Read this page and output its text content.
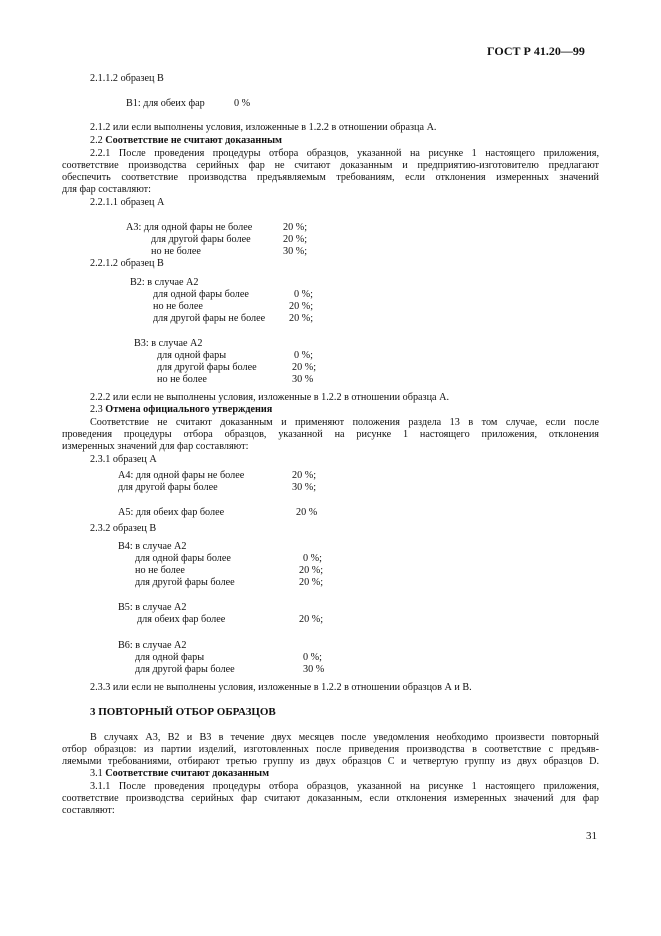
ГОСТ Р 41.20—99
2.1.1.2 образец В
В1: для обеих фар	0 %
2.1.2 или если выполнены условия, изложенные в 1.2.2 в отношении образца А.
2.2 Соответствие не считают доказанным
2.2.1 После проведения процедуры отбора образцов, указанной на рисунке 1 настоящего приложения,
соответствие производства серийных фар не считают доказанным и предприятию-изготовителю предлагают
обеспечить соответствие производства предъявляемым требованиям, если отклонения измеренных значений
для фар составляют:
2.2.1.1 образец А
А3: для одной фары не более	20 %;
для другой фары более	20 %;
но не более	30 %;
2.2.1.2 образец В
В2: в случае А2
для одной фары более	0 %;
но не более	20 %;
для другой фары не более 20 %;
В3: в случае А2
для одной фары	0 %;
для другой фары более	20 %;
но не более	30 %
2.2.2 или если не выполнены условия, изложенные в 1.2.2 в отношении образца А.
2.3 Отмена официального утверждения
Соответствие не считают доказанным и применяют положения раздела 13 в том случае, если после
проведения процедуры отбора образцов, указанной на рисунке 1 настоящего приложения, отклонения
измеренных значений для фар составляют:
2.3.1 образец А
А4: для одной фары не более	20 %;
для другой фары более	30 %;
А5: для обеих фар более	20 %
2.3.2 образец В
В4: в случае А2
для одной фары более	0 %;
но не более	20 %;
для другой фары более	20 %;
В5: в случае А2
для обеих фар более	20 %;
В6: в случае А2
для одной фары	0 %;
для другой фары более	30 %
2.3.3 или если не выполнены условия, изложенные в 1.2.2 в отношении образцов А и В.
3 ПОВТОРНЫЙ ОТБОР ОБРАЗЦОВ
В случаях А3, В2 и В3 в течение двух месяцев после уведомления необходимо произвести повторный
отбор образцов: из партии изделий, изготовленных после приведения производства в соответствие с предъяв-
ляемыми требованиями, отбирают третью группу из двух образцов С и четвертую группу из двух образцов D.
3.1 Соответствие считают доказанным
3.1.1 После проведения процедуры отбора образцов, указанной на рисунке 1 настоящего приложения,
соответствие производства серийных фар считают доказанным, если отклонения измеренных значений для фар
составляют:
31
